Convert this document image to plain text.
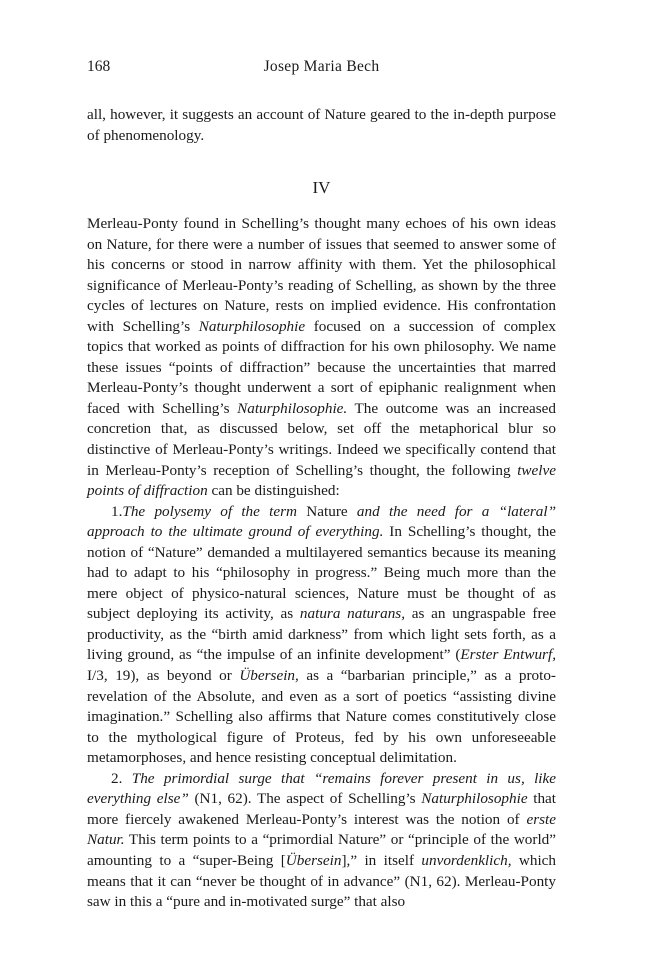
168	Josep Maria Bech

all, however, it suggests an account of Nature geared to the in-depth purpose of phenomenology.

IV

Merleau-Ponty found in Schelling’s thought many echoes of his own ideas on Nature, for there were a number of issues that seemed to answer some of his concerns or stood in narrow affinity with them. Yet the philosophical significance of Merleau-Ponty’s reading of Schelling, as shown by the three cycles of lectures on Nature, rests on implied evidence. His confrontation with Schelling’s Naturphilosophie focused on a succession of complex topics that worked as points of diffraction for his own philosophy. We name these issues “points of diffraction” because the uncertainties that marred Merleau-Ponty’s thought underwent a sort of epiphanic realignment when faced with Schelling’s Naturphilosophie. The outcome was an increased concretion that, as discussed below, set off the metaphorical blur so distinctive of Merleau-Ponty’s writings. Indeed we specifically contend that in Merleau-Ponty’s reception of Schelling’s thought, the following twelve points of diffraction can be distinguished:

1.The polysemy of the term Nature and the need for a “lateral” approach to the ultimate ground of everything. In Schelling’s thought, the notion of “Nature” demanded a multilayered semantics because its meaning had to adapt to his “philosophy in progress.” Being much more than the mere object of physico-natural sciences, Nature must be thought of as subject deploying its activity, as natura naturans, as an ungraspable free productivity, as the “birth amid darkness” from which light sets forth, as a living ground, as “the impulse of an infinite development” (Erster Entwurf, I/3, 19), as beyond or Übersein, as a “barbarian principle,” as a proto-revelation of the Absolute, and even as a sort of poetics “assisting divine imagination.” Schelling also affirms that Nature comes constitutively close to the mythological figure of Proteus, fed by his own unforeseeable metamorphoses, and hence resisting conceptual delimitation.

2. The primordial surge that “remains forever present in us, like everything else” (N1, 62). The aspect of Schelling’s Naturphilosophie that more fiercely awakened Merleau-Ponty’s interest was the notion of erste Natur. This term points to a “primordial Nature” or “principle of the world” amounting to a “super-Being [Übersein],” in itself unvordenklich, which means that it can “never be thought of in advance” (N1, 62). Merleau-Ponty saw in this a “pure and in-motivated surge” that also
